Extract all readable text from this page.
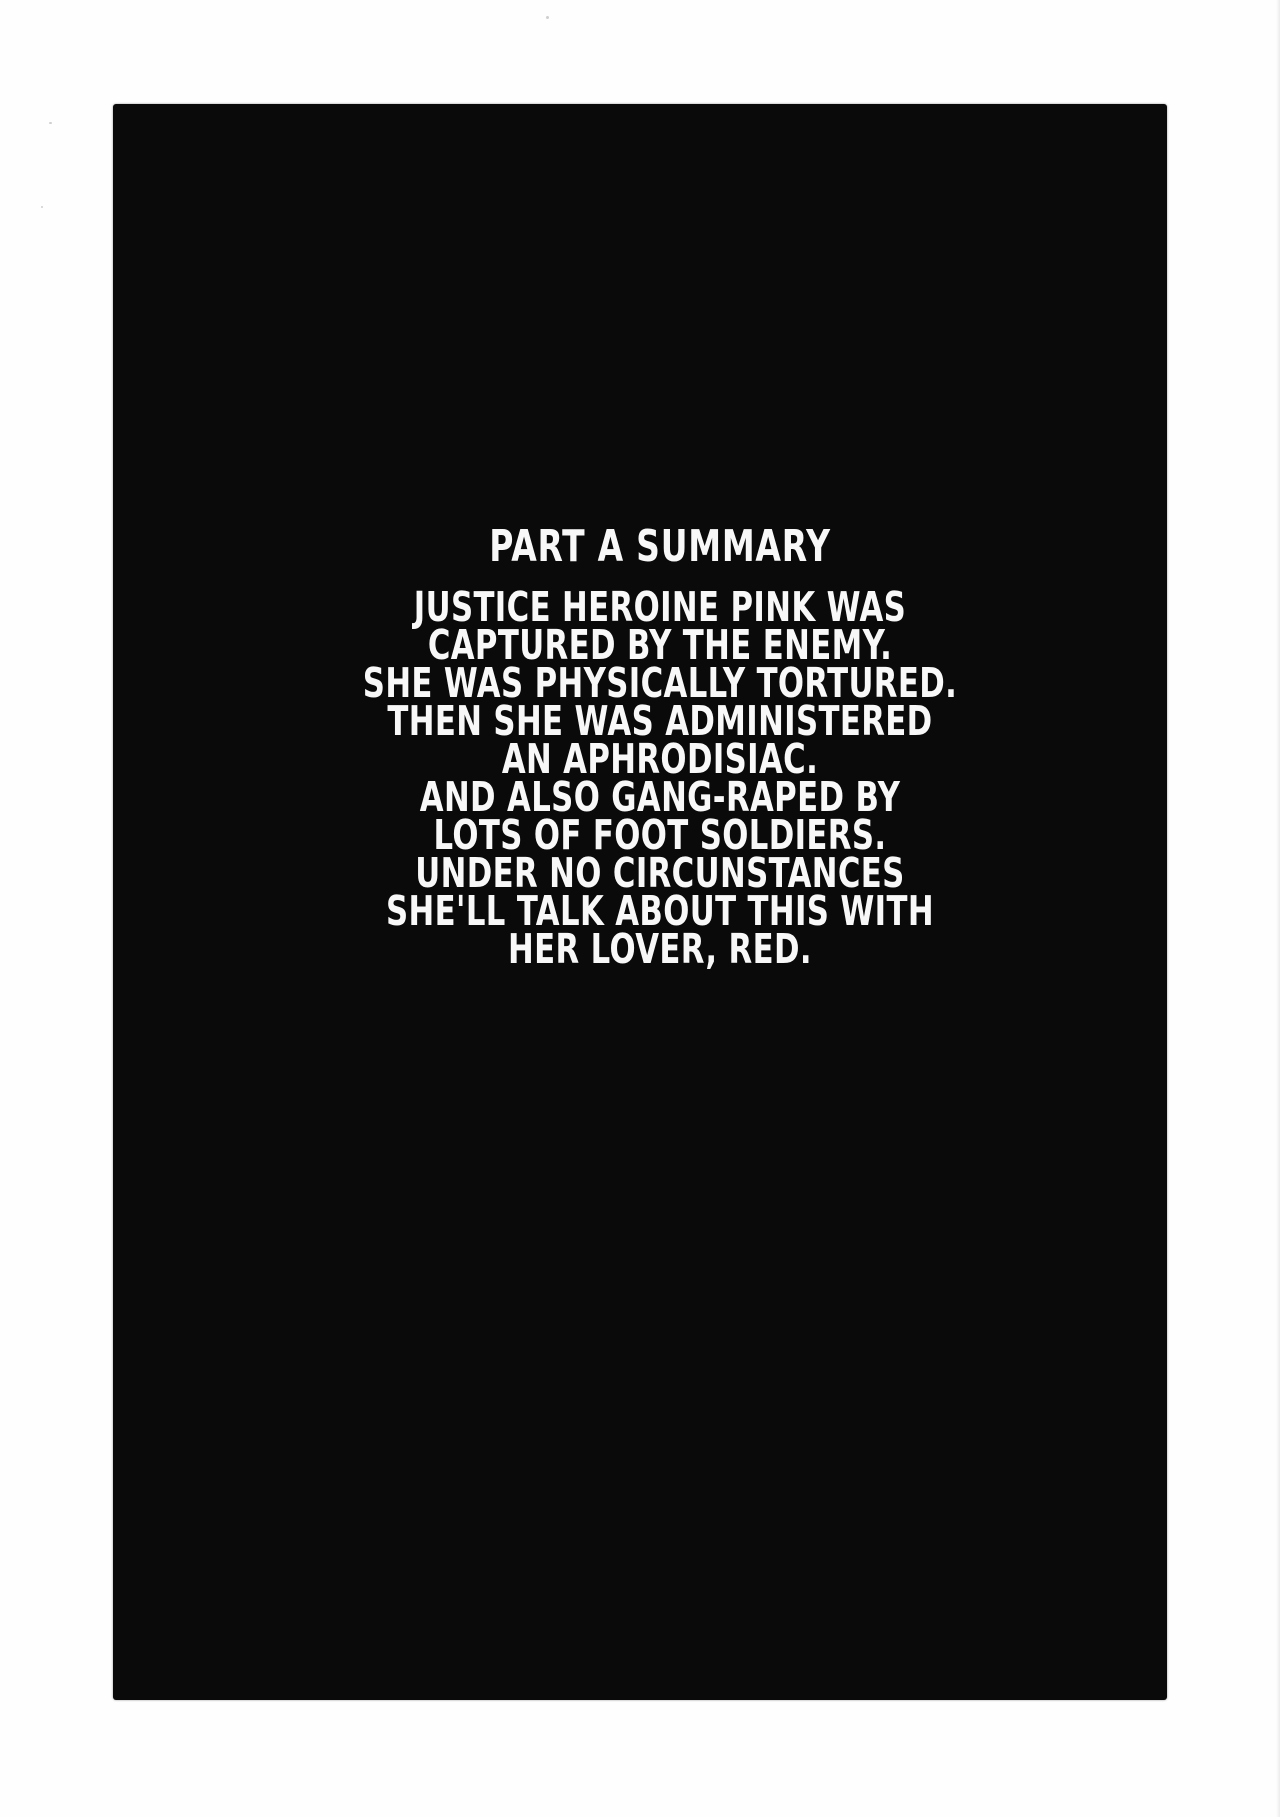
PART A SUMMARY
JUSTICE HEROINE PINK WAS
CAPTURED BY THE ENEMY.
SHE WAS PHYSICALLY TORTURED.
THEN SHE WAS ADMINISTERED
AN APHRODISIAC.
AND ALSO GANG-RAPED BY
LOTS OF FOOT SOLDIERS.
UNDER NO CIRCUNSTANCES
SHE'LL TALK ABOUT THIS WITH
HER LOVER, RED.
